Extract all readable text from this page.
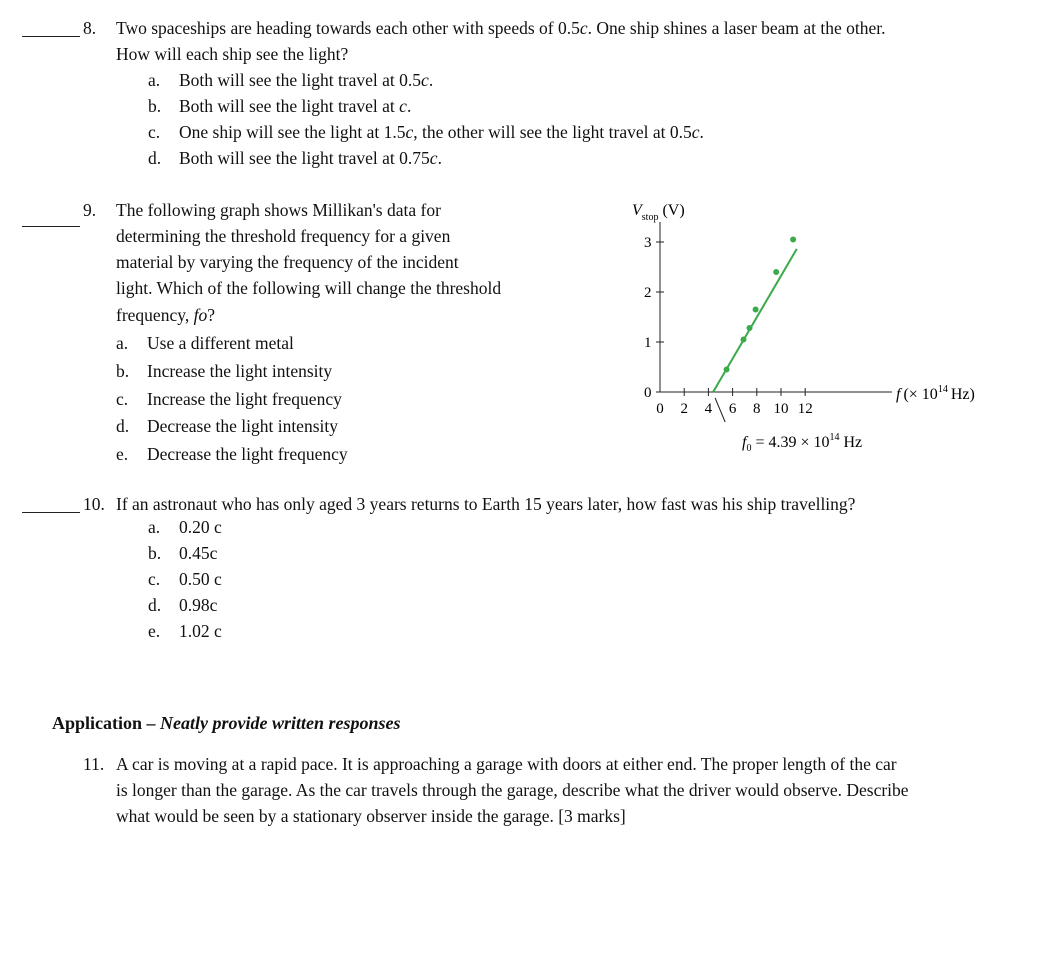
8. Two spaceships are heading towards each other with speeds of 0.5c. One ship shines a laser beam at the other.
How will each ship see the light?
a. Both will see the light travel at 0.5c.
b. Both will see the light travel at c.
c. One ship will see the light at 1.5c, the other will see the light travel at 0.5c.
d. Both will see the light travel at 0.75c.
9. The following graph shows Millikan's data for
determining the threshold frequency for a given
material by varying the frequency of the incident
light. Which of the following will change the threshold
frequency, fo?
a. Use a different metal
b. Increase the light intensity
c. Increase the light frequency
d. Decrease the light intensity
e. Decrease the light frequency
$V_{stop}$ (V)
0
1
2
3
0 2 4 6 8 10 12
f (× $10^{14}$ Hz)
$f_0 = 4.39 \times 10^{14}$ Hz
10. If an astronaut who has only aged 3 years returns to Earth 15 years later, how fast was his ship travelling?
a. 0.20 c
b. 0.45c
c. 0.50 c
d. 0.98c
e. 1.02 c
Application – Neatly provide written responses
11. A car is moving at a rapid pace. It is approaching a garage with doors at either end. The proper length of the car
is longer than the garage. As the car travels through the garage, describe what the driver would observe. Describe
what would be seen by a stationary observer inside the garage. [3 marks]
